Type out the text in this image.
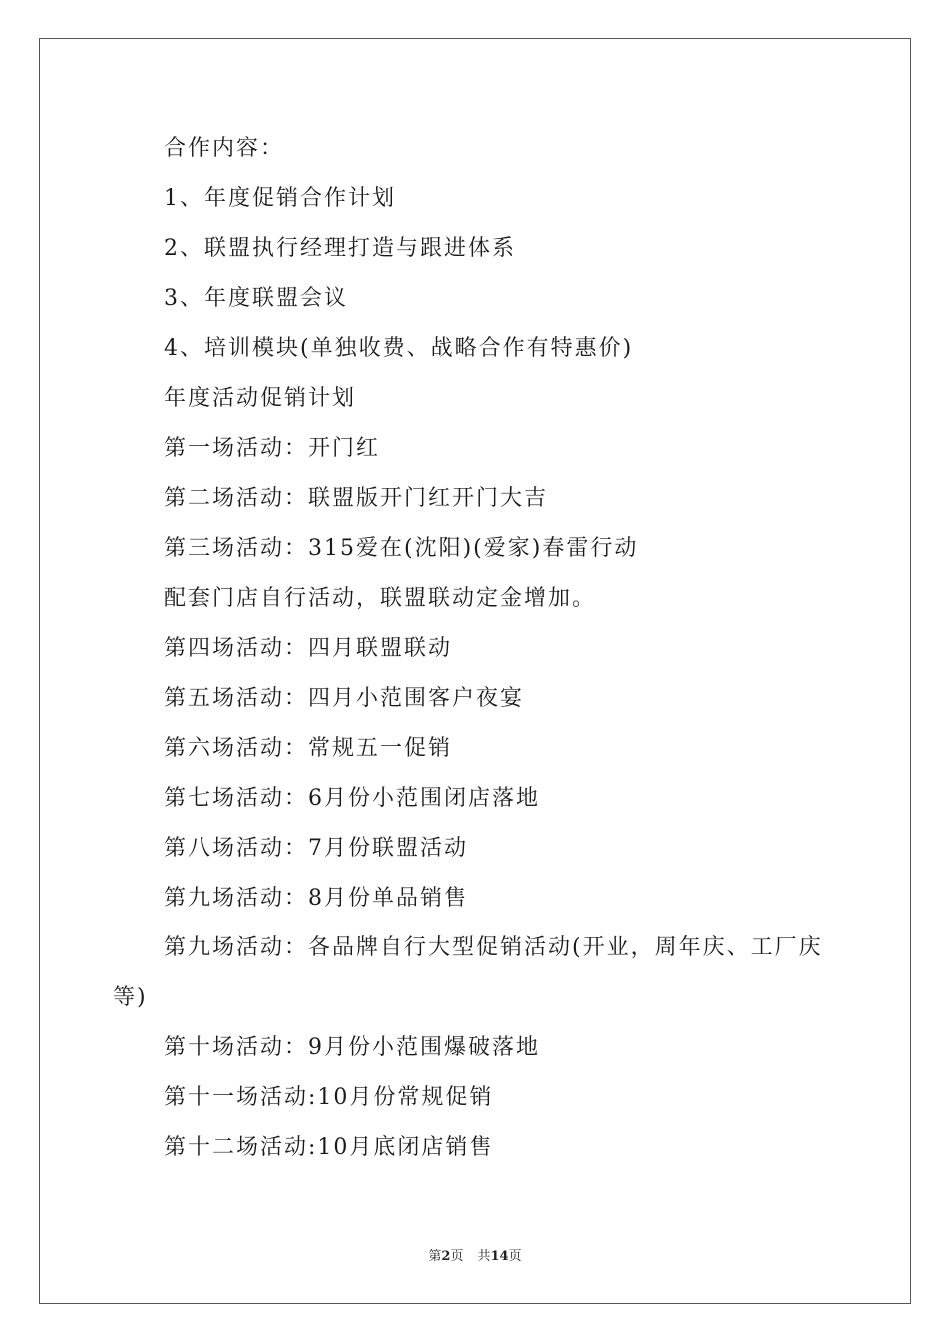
合作内容：
1、年度促销合作计划
2、联盟执行经理打造与跟进体系
3、年度联盟会议
4、培训模块(单独收费、战略合作有特惠价)
年度活动促销计划
第一场活动：开门红
第二场活动：联盟版开门红开门大吉
第三场活动：315爱在(沈阳)(爱家)春雷行动
配套门店自行活动，联盟联动定金增加。
第四场活动：四月联盟联动
第五场活动：四月小范围客户夜宴
第六场活动：常规五一促销
第七场活动：6月份小范围闭店落地
第八场活动：7月份联盟活动
第九场活动：8月份单品销售
第九场活动：各品牌自行大型促销活动(开业，周年庆、工厂庆
等)
第十场活动：9月份小范围爆破落地
第十一场活动:10月份常规促销
第十二场活动:10月底闭店销售
第2页 共14页
